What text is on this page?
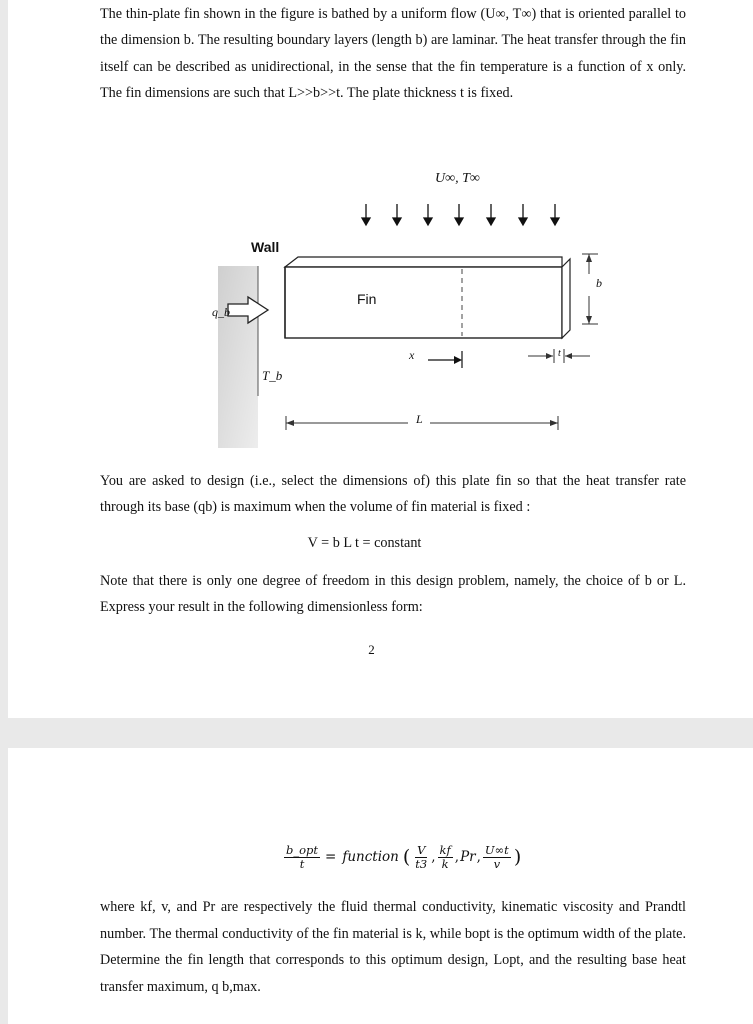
The thin-plate fin shown in the figure is bathed by a uniform flow (U∞, T∞) that is oriented parallel to the dimension b. The resulting boundary layers (length b) are laminar. The heat transfer through the fin itself can be described as unidirectional, in the sense that the fin temperature is a function of x only. The fin dimensions are such that L>>b>>t. The plate thickness t is fixed.
U∞, T∞
Wall
Fin
q_b
T_b
x
L
b
t
You are asked to design (i.e., select the dimensions of) this plate fin so that the heat transfer rate through its base (qb) is maximum when the volume of fin material is fixed :
V = b L t = constant
Note that there is only one degree of freedom in this design problem, namely, the choice of b or L. Express your result in the following dimensionless form:
2
$\frac{\text{b\_opt}}{t}$ = function ( $\frac{V}{t3}$ , $\frac{kf}{k}$ , Pr , $\frac{U\infty t}{v}$ )
where kf, v, and Pr are respectively the fluid thermal conductivity, kinematic viscosity and Prandtl number. The thermal conductivity of the fin material is k, while bopt is the optimum width of the plate. Determine the fin length that corresponds to this optimum design, Lopt, and the resulting base heat transfer maximum, q b,max.
